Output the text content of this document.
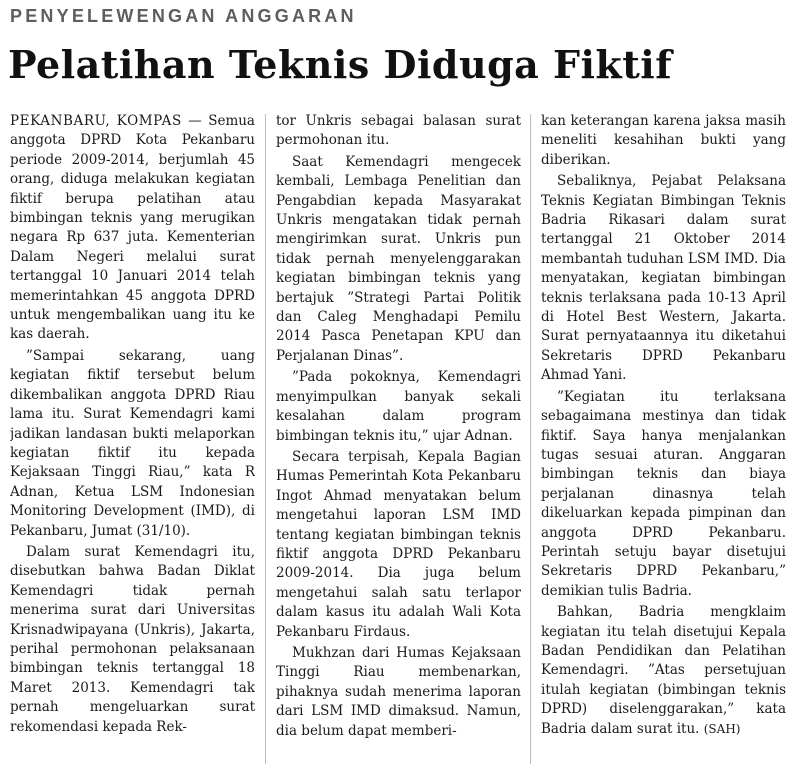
PENYELEWENGAN ANGGARAN
Pelatihan Teknis Diduga Fiktif

PEKANBARU, KOMPAS — Semua anggota DPRD Kota Pekanbaru periode 2009-2014, berjumlah 45 orang, diduga melakukan kegiatan fiktif berupa pelatihan atau bimbingan teknis yang merugikan negara Rp 637 juta. Kementerian Dalam Negeri melalui surat tertanggal 10 Januari 2014 telah memerintahkan 45 anggota DPRD untuk mengembalikan uang itu ke kas daerah.

”Sampai sekarang, uang kegiatan fiktif tersebut belum dikembalikan anggota DPRD Riau lama itu. Surat Kemendagri kami jadikan landasan bukti melaporkan kegiatan fiktif itu kepada Kejaksaan Tinggi Riau,” kata R Adnan, Ketua LSM Indonesian Monitoring Development (IMD), di Pekanbaru, Jumat (31/10).

Dalam surat Kemendagri itu, disebutkan bahwa Badan Diklat Kemendagri tidak pernah menerima surat dari Universitas Krisnadwipayana (Unkris), Jakarta, perihal permohonan pelaksanaan bimbingan teknis tertanggal 18 Maret 2013. Kemendagri tak pernah mengeluarkan surat rekomendasi kepada Rek-

tor Unkris sebagai balasan surat permohonan itu.

Saat Kemendagri mengecek kembali, Lembaga Penelitian dan Pengabdian kepada Masyarakat Unkris mengatakan tidak pernah mengirimkan surat. Unkris pun tidak pernah menyelenggarakan kegiatan bimbingan teknis yang bertajuk ”Strategi Partai Politik dan Caleg Menghadapi Pemilu 2014 Pasca Penetapan KPU dan Perjalanan Dinas”.

”Pada pokoknya, Kemendagri menyimpulkan banyak sekali kesalahan dalam program bimbingan teknis itu,” ujar Adnan.

Secara terpisah, Kepala Bagian Humas Pemerintah Kota Pekanbaru Ingot Ahmad menyatakan belum mengetahui laporan LSM IMD tentang kegiatan bimbingan teknis fiktif anggota DPRD Pekanbaru 2009-2014. Dia juga belum mengetahui salah satu terlapor dalam kasus itu adalah Wali Kota Pekanbaru Firdaus.

Mukhzan dari Humas Kejaksaan Tinggi Riau membenarkan, pihaknya sudah menerima laporan dari LSM IMD dimaksud. Namun, dia belum dapat memberi-

kan keterangan karena jaksa masih meneliti kesahihan bukti yang diberikan.

Sebaliknya, Pejabat Pelaksana Teknis Kegiatan Bimbingan Teknis Badria Rikasari dalam surat tertanggal 21 Oktober 2014 membantah tuduhan LSM IMD. Dia menyatakan, kegiatan bimbingan teknis terlaksana pada 10-13 April di Hotel Best Western, Jakarta. Surat pernyataannya itu diketahui Sekretaris DPRD Pekanbaru Ahmad Yani.

”Kegiatan itu terlaksana sebagaimana mestinya dan tidak fiktif. Saya hanya menjalankan tugas sesuai aturan. Anggaran bimbingan teknis dan biaya perjalanan dinasnya telah dikeluarkan kepada pimpinan dan anggota DPRD Pekanbaru. Perintah setuju bayar disetujui Sekretaris DPRD Pekanbaru,” demikian tulis Badria.

Bahkan, Badria mengklaim kegiatan itu telah disetujui Kepala Badan Pendidikan dan Pelatihan Kemendagri. ”Atas persetujuan itulah kegiatan (bimbingan teknis DPRD) diselenggarakan,” kata Badria dalam surat itu. (SAH)
